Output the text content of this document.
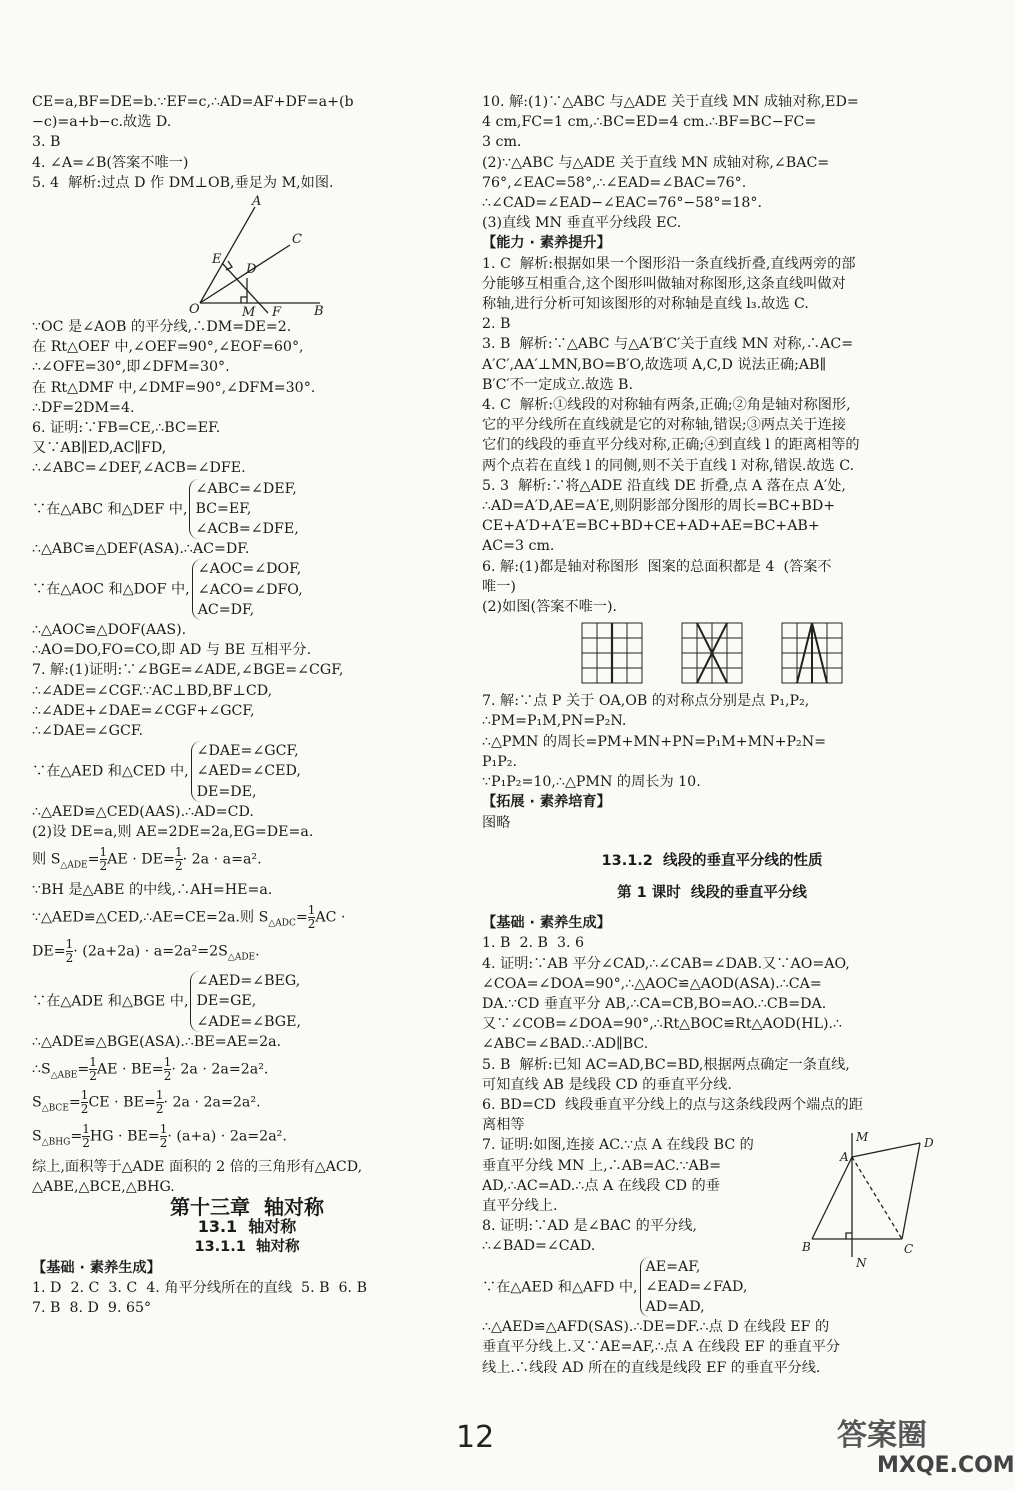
CE=a,BF=DE=b.∵EF=c,∴AD=AF+DF=a+(b

−c)=a+b−c.故选 D.

3. B

4. ∠A=∠B(答案不唯一)

5. 4  解析:过点 D 作 DM⊥OB,垂足为 M,如图.

A
C
E
D
O	M F	B

∵OC 是∠AOB 的平分线,∴DM=DE=2.

在 Rt△OEF 中,∠OEF=90°,∠EOF=60°,

∴∠OFE=30°,即∠DFM=30°.

在 Rt△DMF 中,∠DMF=90°,∠DFM=30°.

∴DF=2DM=4.

6. 证明:∵FB=CE,∴BC=EF.

又∵AB∥ED,AC∥FD,

∴∠ABC=∠DEF,∠ACB=∠DFE.

∵在△ABC 和△DEF 中,∠ABC=∠DEF,
BC=EF,
∠ACB=∠DFE,

∴△ABC≌△DEF(ASA).∴AC=DF.

∵在△AOC 和△DOF 中,∠AOC=∠DOF,
∠ACO=∠DFO,
AC=DF,

∴△AOC≌△DOF(AAS).

∴AO=DO,FO=CO,即 AD 与 BE 互相平分.

7. 解:(1)证明:∵∠BGE=∠ADE,∠BGE=∠CGF,

∴∠ADE=∠CGF.∵AC⊥BD,BF⊥CD,

∴∠ADE+∠DAE=∠CGF+∠GCF,

∴∠DAE=∠GCF.

∵在△AED 和△CED 中,∠DAE=∠GCF,
∠AED=∠CED,
DE=DE,

∴△AED≌△CED(AAS).∴AD=CD.

(2)设 DE=a,则 AE=2DE=2a,EG=DE=a.

则 $S_{\triangle ADE}= \frac{1}{2}$ AE · $DE= \frac{1}{2} \cdot 2a \cdot a=a^2$.

∵BH 是△ABE 的中线,∴AH=HE=a.

∵△AED≌△CED,∴AE=CE=2a.则 $S_{\triangle ADC}= \frac{1}{2}$ AC ·

$DE= \frac{1}{2} \cdot (2a+2a) \cdot a=2a^2=2S_{\triangle ADE}$.

∵在△ADE 和△BGE 中,∠AED=∠BEG,
DE=GE,
∠ADE=∠BGE,

∴△ADE≌△BGE(ASA).∴BE=AE=2a.

$\therefore S_{\triangle ABE}= \frac{1}{2}$ AE · $BE= \frac{1}{2} \cdot 2a \cdot 2a=2a^2$.

$S_{\triangle BCE}= \frac{1}{2}$ CE · $BE= \frac{1}{2} \cdot 2a \cdot 2a=2a^2$.

$S_{\triangle BHG}= \frac{1}{2}$ HG · $BE= \frac{1}{2} \cdot (a+a) \cdot 2a=2a^2$.

综上,面积等于△ADE 面积的 2 倍的三角形有△ACD,

△ABE,△BCE,△BHG.

第十三章  轴对称

13.1  轴对称

13.1.1  轴对称

【基础 · 素养生成】

1. D  2. C  3. C  4. 角平分线所在的直线  5. B  6. B

7. B  8. D  9. 65°

10. 解:(1)∵△ABC 与△ADE 关于直线 MN 成轴对称,ED=

4 cm,FC=1 cm,∴BC=ED=4 cm.∴BF=BC−FC=

3 cm.

(2)∵△ABC 与△ADE 关于直线 MN 成轴对称,∠BAC=

76°,∠EAC=58°,∴∠EAD=∠BAC=76°.

∴∠CAD=∠EAD−∠EAC=76°−58°=18°.

(3)直线 MN 垂直平分线段 EC.

【能力 · 素养提升】

1. C  解析:根据如果一个图形沿一条直线折叠,直线两旁的部

分能够互相重合,这个图形叫做轴对称图形,这条直线叫做对

称轴,进行分析可知该图形的对称轴是直线 l₃.故选 C.

2. B

3. B  解析:∵△ABC 与△A′B′C′关于直线 MN 对称,∴AC=

A′C′,AA′⊥MN,BO=B′O,故选项 A,C,D 说法正确;AB∥

B′C′不一定成立.故选 B.

4. C  解析:①线段的对称轴有两条,正确;②角是轴对称图形,

它的平分线所在直线就是它的对称轴,错误;③两点关于连接

它们的线段的垂直平分线对称,正确;④到直线 l 的距离相等的

两个点若在直线 l 的同侧,则不关于直线 l 对称,错误.故选 C.

5. 3  解析:∵将△ADE 沿直线 DE 折叠,点 A 落在点 A′处,

∴AD=A′D,AE=A′E,则阴影部分图形的周长=BC+BD+

CE+A′D+A′E=BC+BD+CE+AD+AE=BC+AB+

AC=3 cm.

6. 解:(1)都是轴对称图形  图案的总面积都是 4  (答案不

唯一)

(2)如图(答案不唯一).

7. 解:∵点 P 关于 OA,OB 的对称点分别是点 P₁,P₂,

∴PM=P₁M,PN=P₂N.

∴△PMN 的周长=PM+MN+PN=P₁M+MN+P₂N=

P₁P₂.

∵P₁P₂=10,∴△PMN 的周长为 10.

【拓展 · 素养培育】

图略

13.1.2  线段的垂直平分线的性质

第 1 课时  线段的垂直平分线

【基础 · 素养生成】

1. B  2. B  3. 6

4. 证明:∵AB 平分∠CAD,∴∠CAB=∠DAB.又∵AO=AO,

∠COA=∠DOA=90°,∴△AOC≌△AOD(ASA).∴CA=

DA.∵CD 垂直平分 AB,∴CA=CB,BO=AO.∴CB=DA.

又∵∠COB=∠DOA=90°,∴Rt△BOC≌Rt△AOD(HL).∴

∠ABC=∠BAD.∴AD∥BC.

5. B  解析:已知 AC=AD,BC=BD,根据两点确定一条直线,

可知直线 AB 是线段 CD 的垂直平分线.

6. BD=CD  线段垂直平分线上的点与这条线段两个端点的距

离相等

7. 证明:如图,连接 AC.∵点 A 在线段 BC 的

垂直平分线 MN 上,∴AB=AC.∵AB=

AD,∴AC=AD.∴点 A 在线段 CD 的垂

直平分线上.

8. 证明:∵AD 是∠BAC 的平分线,

∴∠BAD=∠CAD.

M	D
A
B	C
N

∵在△AED 和△AFD 中,AE=AF,
∠EAD=∠FAD,
AD=AD,

∴△AED≌△AFD(SAS).∴DE=DF.∴点 D 在线段 EF 的

垂直平分线上.又∵AE=AF,∴点 A 在线段 EF 的垂直平分

线上.∴线段 AD 所在的直线是线段 EF 的垂直平分线.

12	答案圈
MXQE.COM
